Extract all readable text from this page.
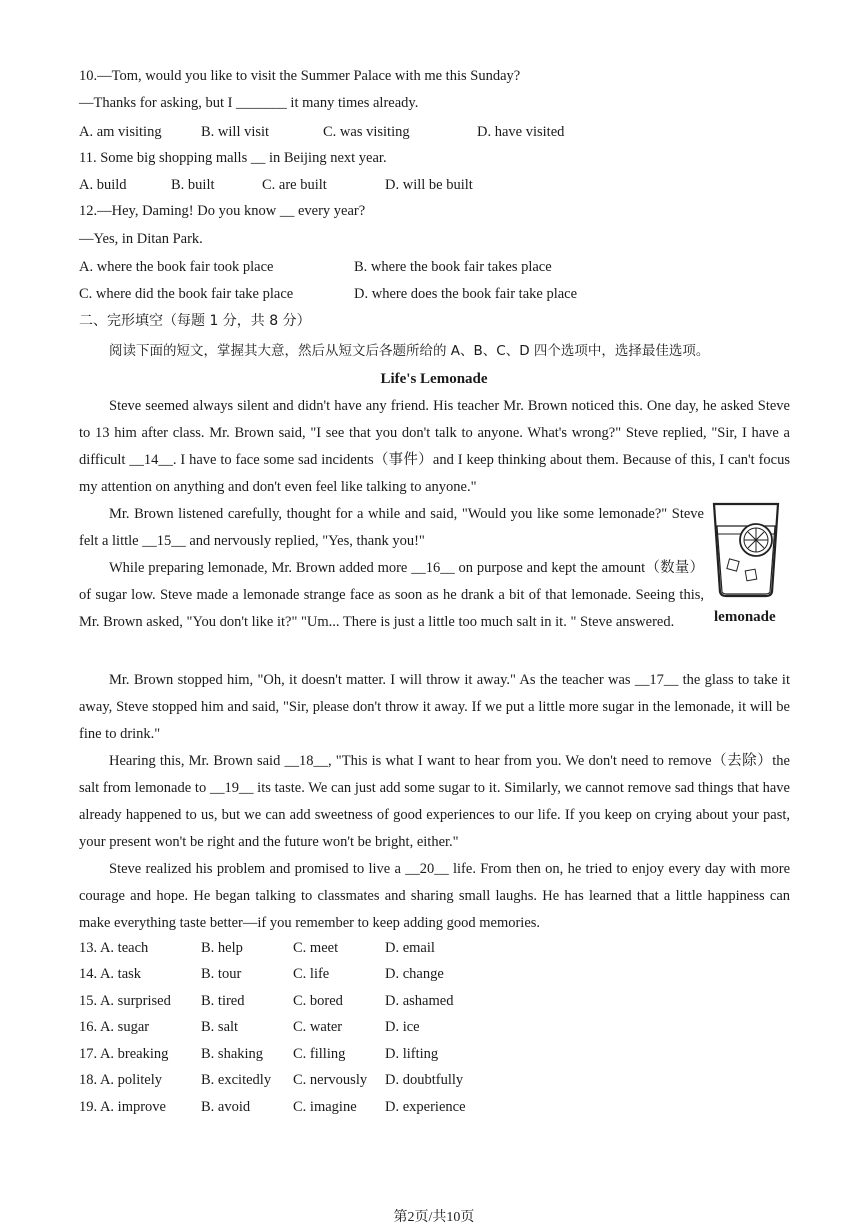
10.—Tom, would you like to visit the Summer Palace with me this Sunday?
—Thanks for asking, but I _______ it many times already.
A. am visiting	B. will visit	C. was visiting	D. have visited
11. Some big shopping malls __ in Beijing next year.
A. build	B. built	C. are built	D. will be built
12.—Hey, Daming! Do you know __ every year?
—Yes, in Ditan Park.
A. where the book fair took place	B. where the book fair takes place
C. where did the book fair take place	D. where does the book fair take place
二、完形填空（每题 1 分，共 8 分）
阅读下面的短文，掌握其大意，然后从短文后各题所给的 A、B、C、D 四个选项中，选择最佳选项。
Life's Lemonade
Steve seemed always silent and didn't have any friend. His teacher Mr. Brown noticed this. One day, he asked Steve to 13 him after class. Mr. Brown said, "I see that you don't talk to anyone. What's wrong?" Steve replied, "Sir, I have a difficult __14__. I have to face some sad incidents（事件）and I keep thinking about them. Because of this, I can't focus my attention on anything and don't even feel like talking to anyone."
Mr. Brown listened carefully, thought for a while and said, "Would you like some lemonade?" Steve felt a little __15__ and nervously replied, "Yes, thank you!"
While preparing lemonade, Mr. Brown added more __16__ on purpose and kept the amount（数量）of sugar low. Steve made a lemonade strange face as soon as he drank a bit of that lemonade. Seeing this, Mr. Brown asked, "You don't like it?" "Um... There is just a little too much salt in it. " Steve answered.	lemonade
Mr. Brown stopped him, "Oh, it doesn't matter. I will throw it away." As the teacher was __17__ the glass to take it away, Steve stopped him and said, "Sir, please don't throw it away. If we put a little more sugar in the lemonade, it will be fine to drink."
Hearing this, Mr. Brown said __18__, "This is what I want to hear from you. We don't need to remove（去除）the salt from lemonade to __19__ its taste. We can just add some sugar to it. Similarly, we cannot remove sad things that have already happened to us, but we can add sweetness of good experiences to our life. If you keep on crying about your past, your present won't be right and the future won't be bright, either."
Steve realized his problem and promised to live a __20__ life. From then on, he tried to enjoy every day with more courage and hope. He began talking to classmates and sharing small laughs. He has learned that a little happiness can make everything taste better—if you remember to keep adding good memories.
13. A. teach	B. help	C. meet	D. email
14. A. task	B. tour	C. life	D. change
15. A. surprised B. tired	C. bored	D. ashamed
16. A. sugar	B. salt	C. water	D. ice
17. A. breaking B. shaking C. filling	D. lifting
18. A. politely	B. excitedly C. nervously D. doubtfully
19. A. improve B. avoid	C. imagine D. experience
第2页/共10页
